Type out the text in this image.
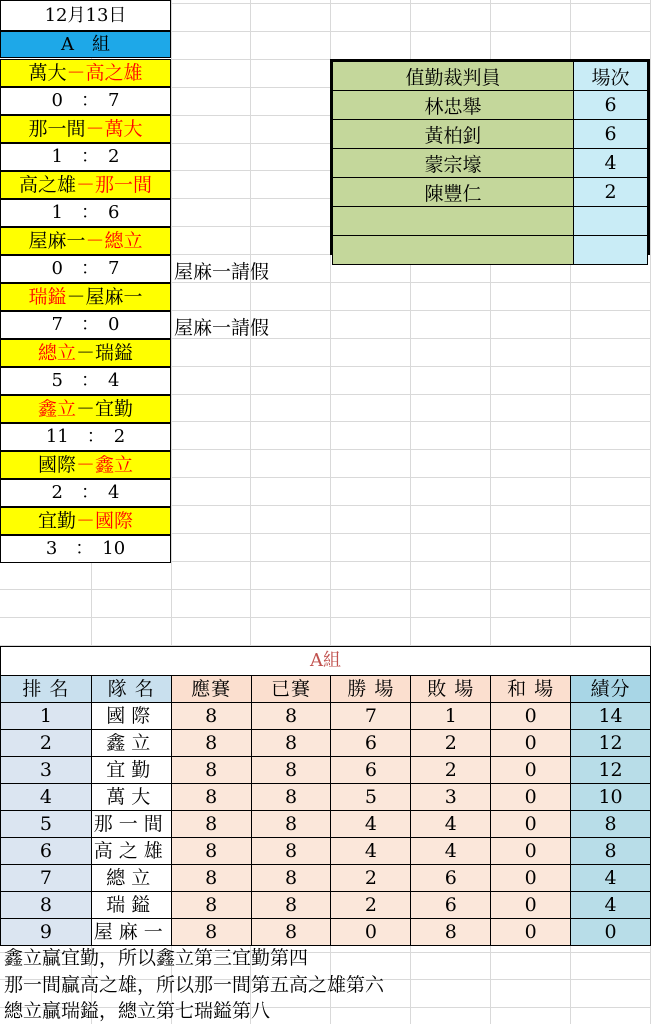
12月13日
A　組
萬大－高之雄
0　：　7
那一間－萬大
1　：　2
高之雄－那一間
1　：　6
屋麻一－總立
0　：　7
瑞鎰－屋麻一
7　：　0
總立－瑞鎰
5　：　4
鑫立－宜勤
11　：　2
國際－鑫立
2　：　4
宜勤－國際
3　：　10
屋麻一請假
屋麻一請假
值勤裁判員	場次
林忠舉	6
黃柏釗	6
蒙宗壕	4
陳豐仁	2

A組							
排 名	隊 名	應賽	已賽	勝 場	敗 場	和 場	績分
1	國際	8	8	7	1	0	14
2	鑫立	8	8	6	2	0	12
3	宜勤	8	8	6	2	0	12
4	萬大	8	8	5	3	0	10
5	那一間	8	8	4	4	0	8
6	高之雄	8	8	4	4	0	8
7	總立	8	8	2	6	0	4
8	瑞鎰	8	8	2	6	0	4
9	屋麻一	8	8	0	8	0	0
鑫立贏宜勤，所以鑫立第三宜勤第四
那一間贏高之雄，所以那一間第五高之雄第六
總立贏瑞鎰，總立第七瑞鎰第八
